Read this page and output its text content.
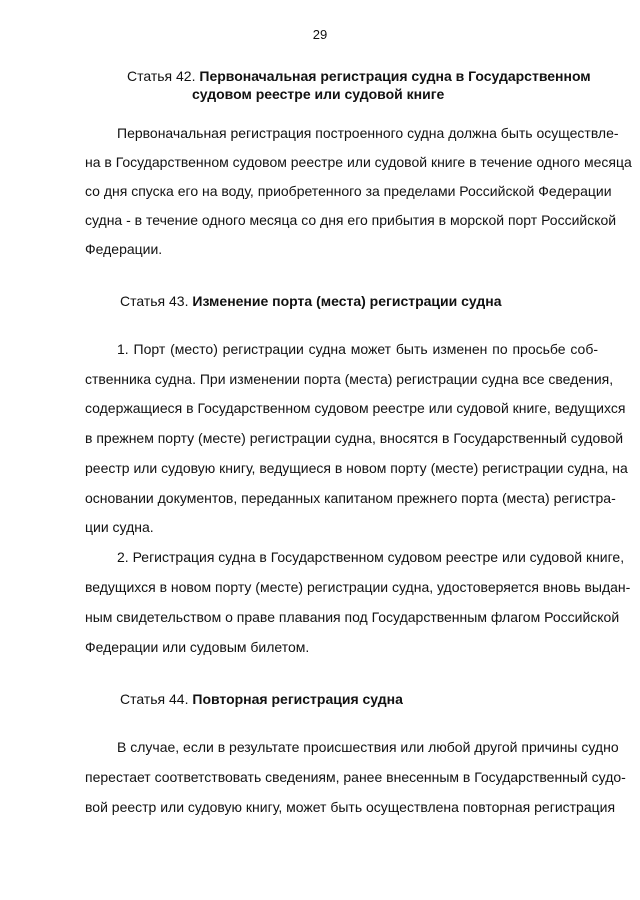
29
Статья 42. Первоначальная регистрация судна в Государственном
судовом реестре или судовой книге
Первоначальная регистрация построенного судна должна быть осуществле-
на в Государственном судовом реестре или судовой книге в течение одного месяца
со дня спуска его на воду, приобретенного за пределами Российской Федерации
судна - в течение одного месяца со дня его прибытия в морской порт Российской
Федерации.
Статья 43. Изменение порта (места) регистрации судна
1. Порт (место) регистрации судна может быть изменен по просьбе соб-
ственника судна. При изменении порта (места) регистрации судна все сведения,
содержащиеся в Государственном судовом реестре или судовой книге, ведущихся
в прежнем порту (месте) регистрации судна, вносятся в Государственный судовой
реестр или судовую книгу, ведущиеся в новом порту (месте) регистрации судна, на
основании документов, переданных капитаном прежнего порта (места) регистра-
ции судна.
2. Регистрация судна в Государственном судовом реестре или судовой книге,
ведущихся в новом порту (месте) регистрации судна, удостоверяется вновь выдан-
ным свидетельством о праве плавания под Государственным флагом Российской
Федерации или судовым билетом.
Статья 44. Повторная регистрация судна
В случае, если в результате происшествия или любой другой причины судно
перестает соответствовать сведениям, ранее внесенным в Государственный судо-
вой реестр или судовую книгу, может быть осуществлена повторная регистрация
